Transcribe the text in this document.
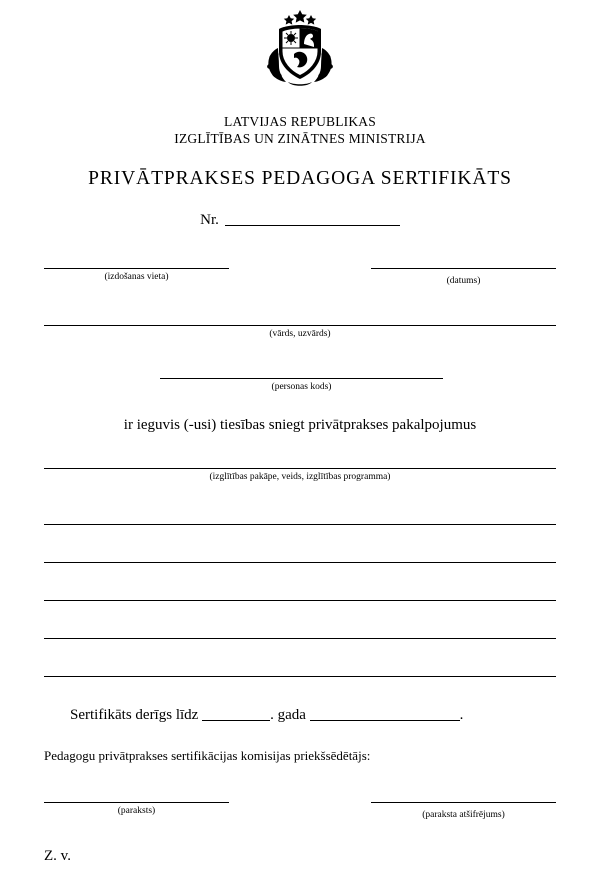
LATVIJAS REPUBLIKAS
IZGLĪTĪBAS UN ZINĀTNES MINISTRIJA
PRIVĀTPRAKSES PEDAGOGA SERTIFIKĀTS
Nr.
(izdošanas vieta)	(datums)
(vārds, uzvārds)
(personas kods)
ir ieguvis (-usi) tiesības sniegt privātprakses pakalpojumus
(izglītības pakāpe, veids, izglītības programma)
Sertifikāts derīgs līdz	. gada	.
Pedagogu privātprakses sertifikācijas komisijas priekšsēdētājs:
(paraksts)	(paraksta atšifrējums)
Z. v.
